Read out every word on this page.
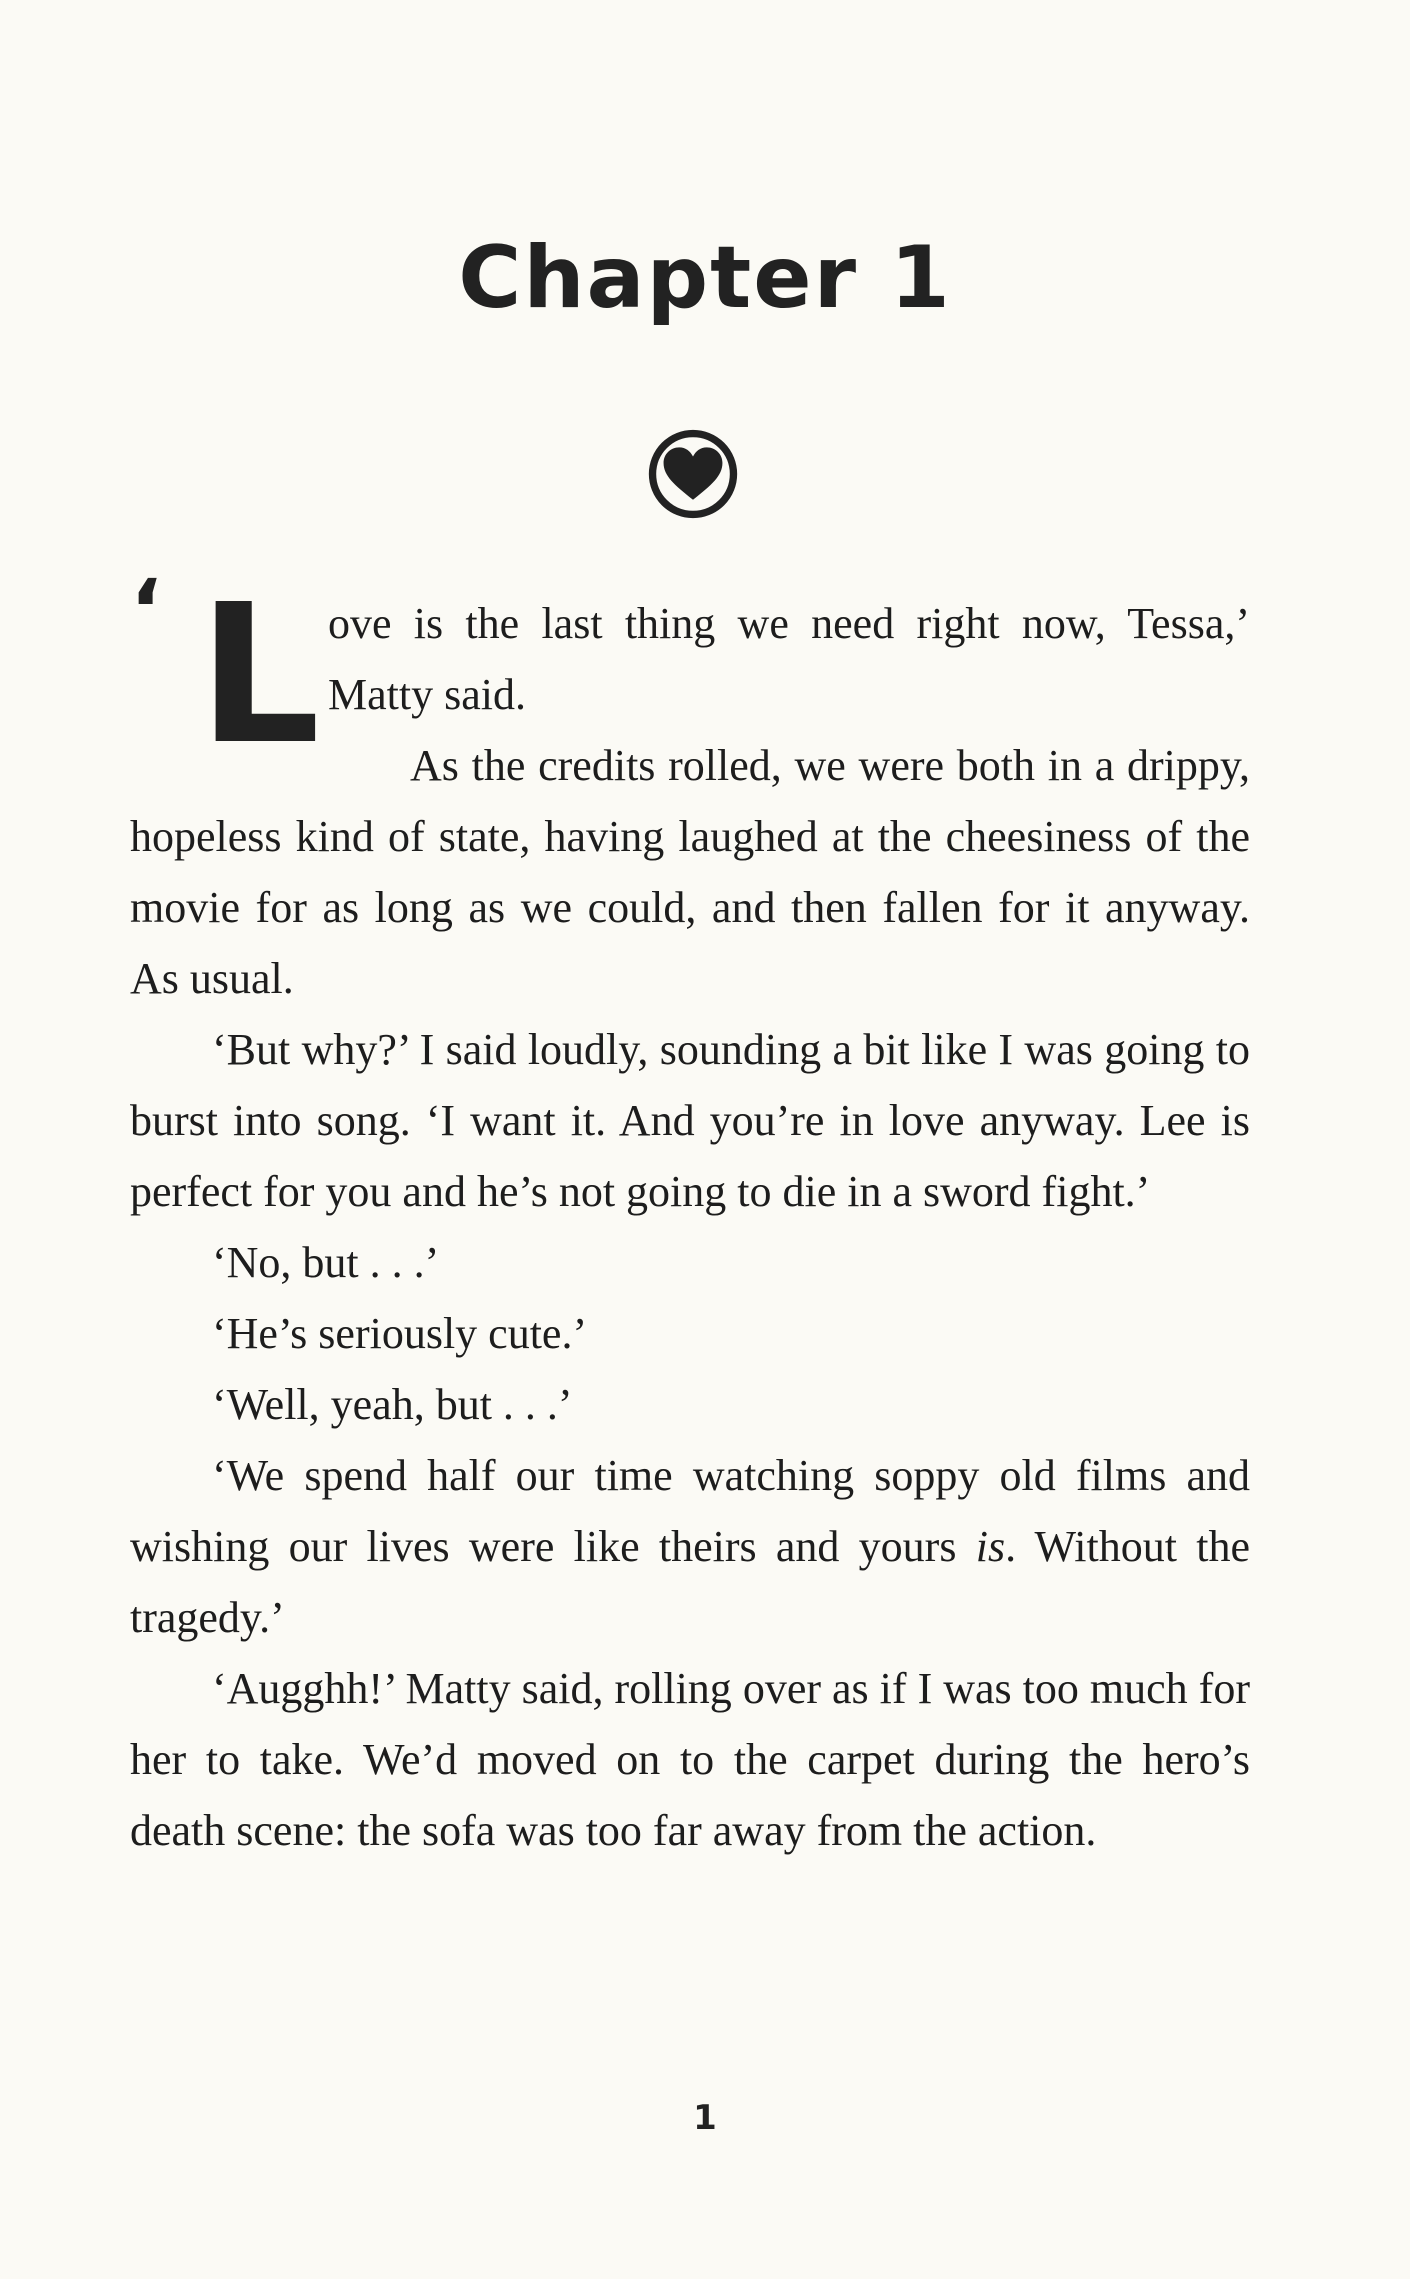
Chapter 1

‘ L ove is the last thing we need right now, Tessa,’ Matty said.

As the credits rolled, we were both in a drippy, hopeless kind of state, having laughed at the cheesiness of the movie for as long as we could, and then fallen for it anyway. As usual.

‘But why?’ I said loudly, sounding a bit like I was going to burst into song. ‘I want it. And you’re in love anyway. Lee is perfect for you and he’s not going to die in a sword fight.’

‘No, but . . .’

‘He’s seriously cute.’

‘Well, yeah, but . . .’

‘We spend half our time watching soppy old films and wishing our lives were like theirs and yours is. Without the tragedy.’

‘Augghh!’ Matty said, rolling over as if I was too much for her to take. We’d moved on to the carpet during the hero’s death scene: the sofa was too far away from the action.

1
